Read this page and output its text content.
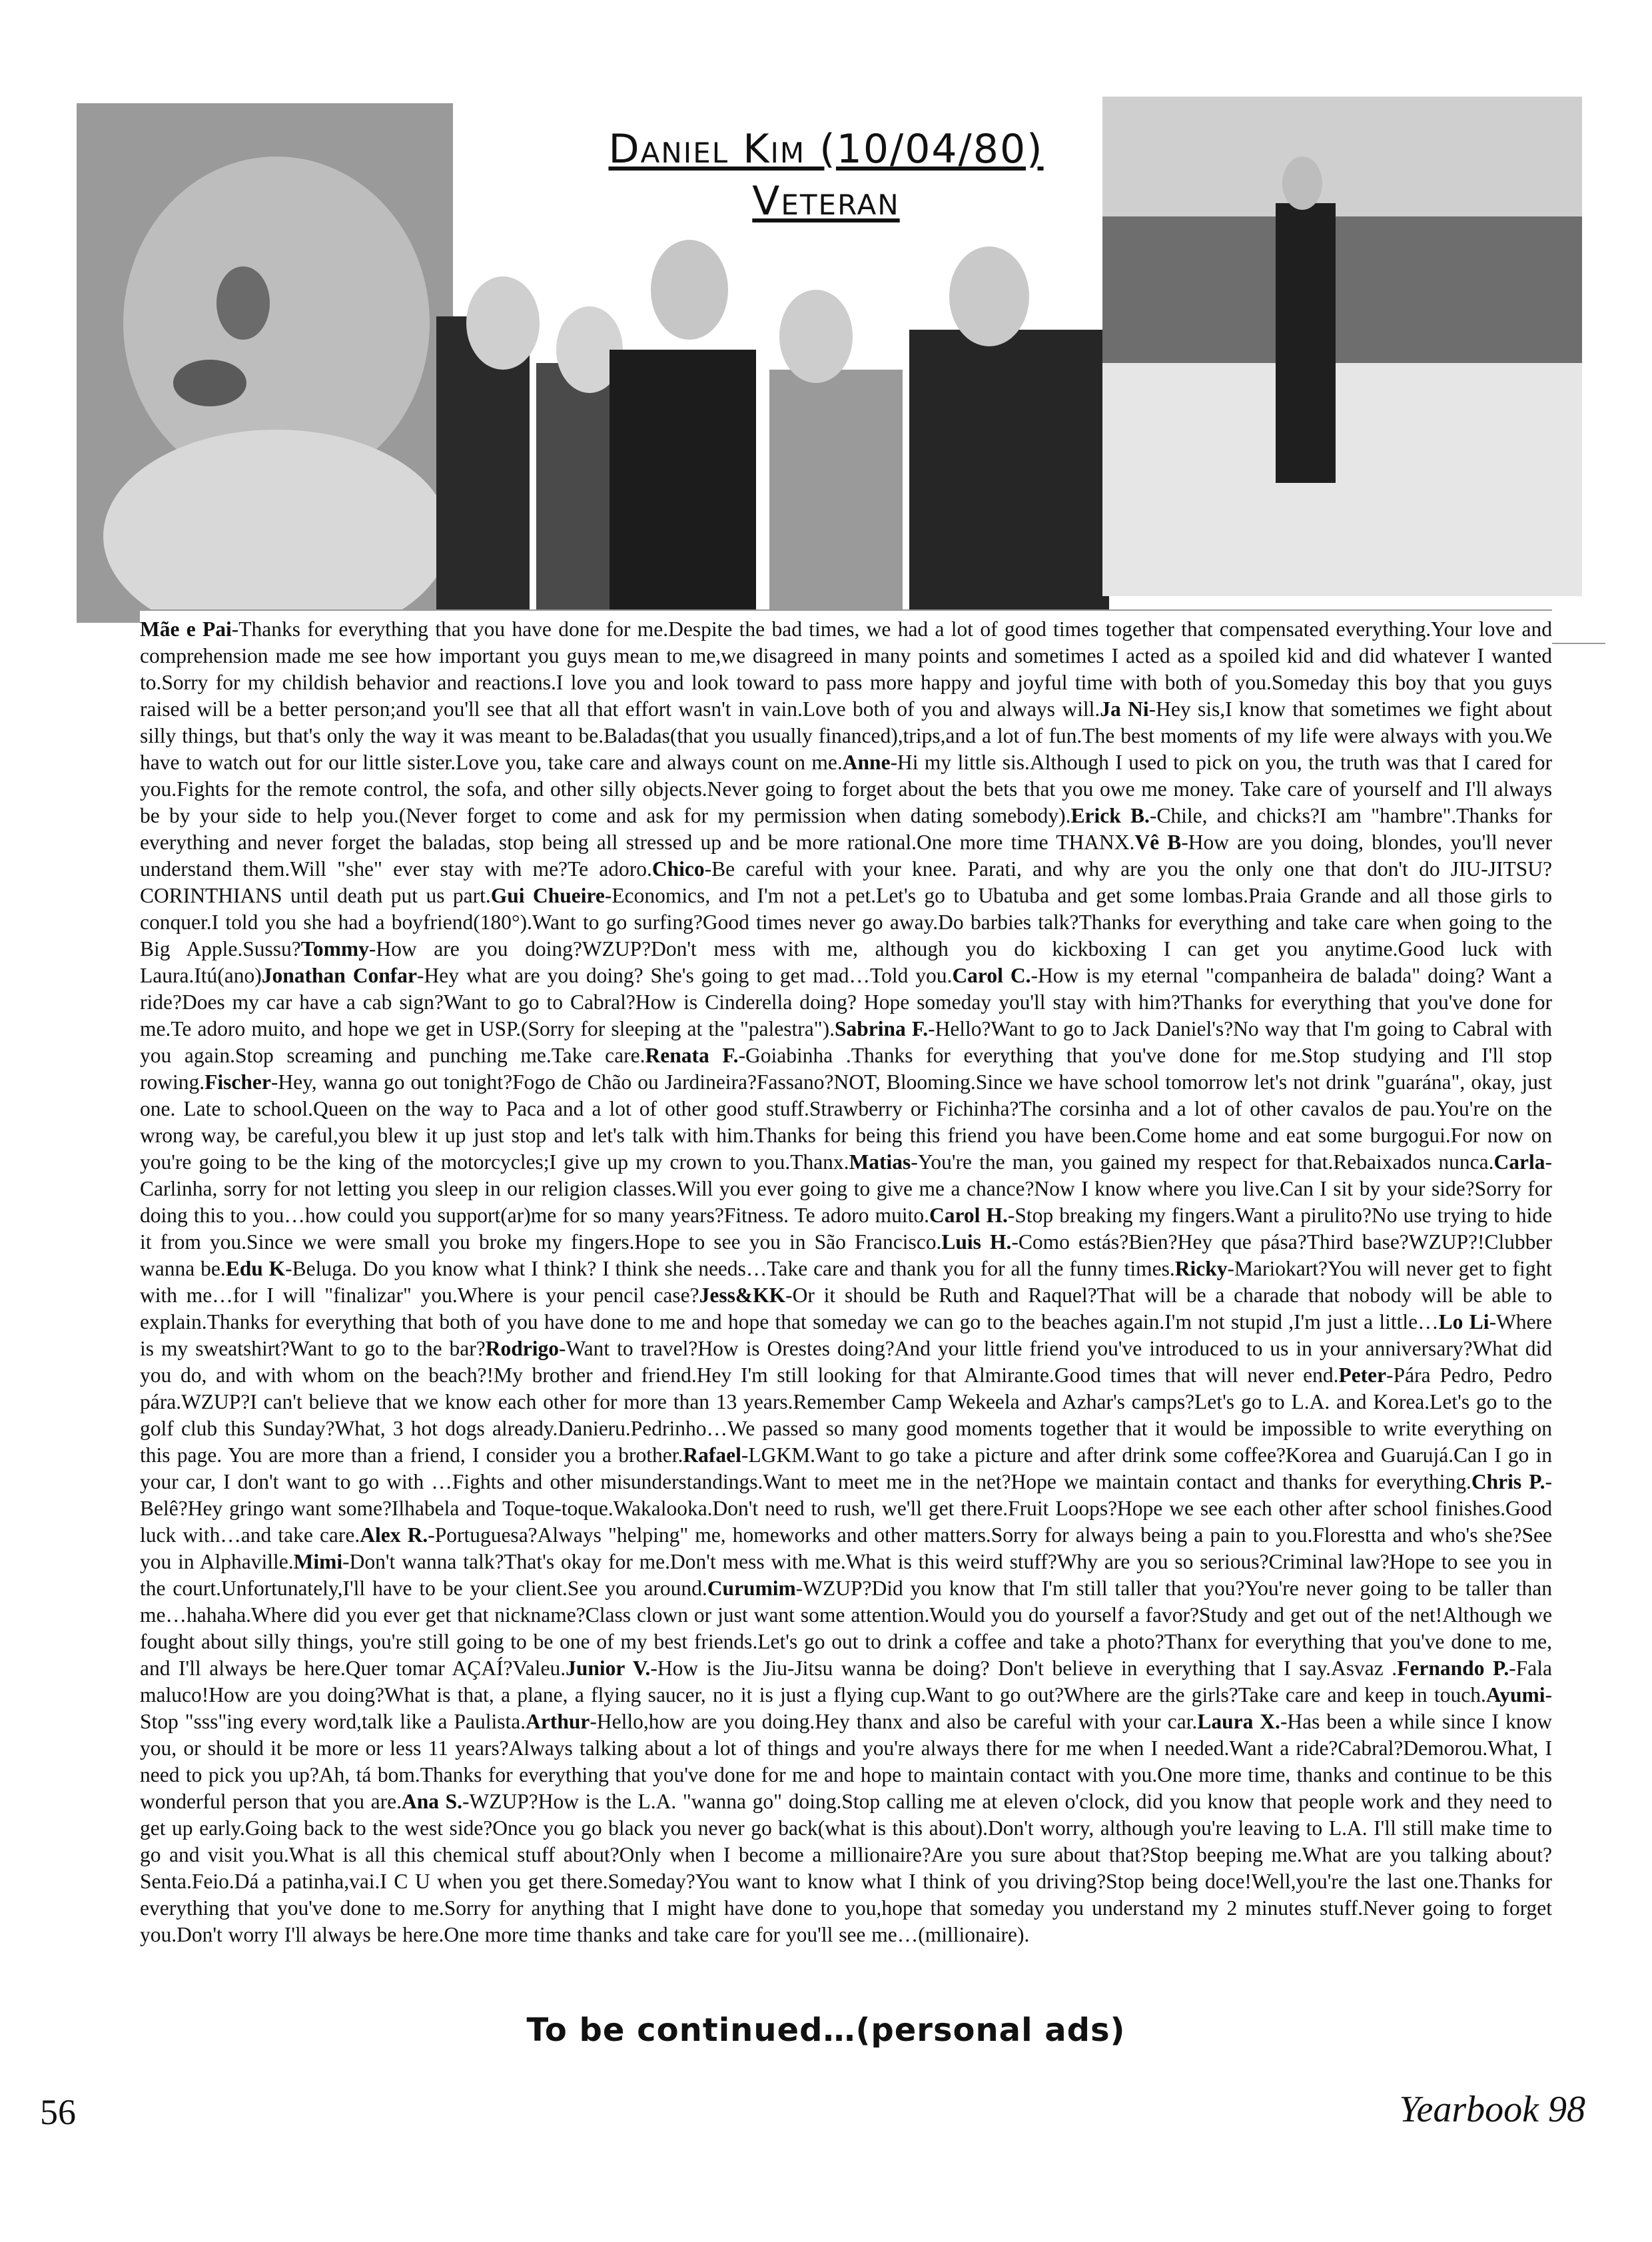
Daniel Kim (10/04/80)
Veteran

Mãe e Pai-Thanks for everything that you have done for me.Despite the bad times, we had a lot of good times together that compensated everything.Your love and comprehension made me see how important you guys mean to me,we disagreed in many points and sometimes I acted as a spoiled kid and did whatever I wanted to.Sorry for my childish behavior and reactions.I love you and look toward to pass more happy and joyful time with both of you.Someday this boy that you guys raised will be a better person;and you'll see that all that effort wasn't in vain.Love both of you and always will.Ja Ni-Hey sis,I know that sometimes we fight about silly things, but that's only the way it was meant to be.Baladas(that you usually financed),trips,and a lot of fun.The best moments of my life were always with you.We have to watch out for our little sister.Love you, take care and always count on me.Anne-Hi my little sis.Although I used to pick on you, the truth was that I cared for you.Fights for the remote control, the sofa, and other silly objects.Never going to forget about the bets that you owe me money. Take care of yourself and I'll always be by your side to help you.(Never forget to come and ask for my permission when dating somebody).Erick B.-Chile, and chicks?I am "hambre".Thanks for everything and never forget the baladas, stop being all stressed up and be more rational.One more time THANX.Vê B-How are you doing, blondes, you'll never understand them.Will "she" ever stay with me?Te adoro.Chico-Be careful with your knee. Parati, and why are you the only one that don't do JIU-JITSU?CORINTHIANS until death put us part.Gui Chueire-Economics, and I'm not a pet.Let's go to Ubatuba and get some lombas.Praia Grande and all those girls to conquer.I told you she had a boyfriend(180°).Want to go surfing?Good times never go away.Do barbies talk?Thanks for everything and take care when going to the Big Apple.Sussu?Tommy-How are you doing?WZUP?Don't mess with me, although you do kickboxing I can get you anytime.Good luck with Laura.Itú(ano)Jonathan Confar-Hey what are you doing? She's going to get mad…Told you.Carol C.-How is my eternal "companheira de balada" doing? Want a ride?Does my car have a cab sign?Want to go to Cabral?How is Cinderella doing? Hope someday you'll stay with him?Thanks for everything that you've done for me.Te adoro muito, and hope we get in USP.(Sorry for sleeping at the "palestra").Sabrina F.-Hello?Want to go to Jack Daniel's?No way that I'm going to Cabral with you again.Stop screaming and punching me.Take care.Renata F.-Goiabinha .Thanks for everything that you've done for me.Stop studying and I'll stop rowing.Fischer-Hey, wanna go out tonight?Fogo de Chão ou Jardineira?Fassano?NOT, Blooming.Since we have school tomorrow let's not drink "guarána", okay, just one. Late to school.Queen on the way to Paca and a lot of other good stuff.Strawberry or Fichinha?The corsinha and a lot of other cavalos de pau.You're on the wrong way, be careful,you blew it up just stop and let's talk with him.Thanks for being this friend you have been.Come home and eat some burgogui.For now on you're going to be the king of the motorcycles;I give up my crown to you.Thanx.Matias-You're the man, you gained my respect for that.Rebaixados nunca.Carla-Carlinha, sorry for not letting you sleep in our religion classes.Will you ever going to give me a chance?Now I know where you live.Can I sit by your side?Sorry for doing this to you…how could you support(ar)me for so many years?Fitness. Te adoro muito.Carol H.-Stop breaking my fingers.Want a pirulito?No use trying to hide it from you.Since we were small you broke my fingers.Hope to see you in São Francisco.Luis H.-Como estás?Bien?Hey que pása?Third base?WZUP?!Clubber wanna be.Edu K-Beluga. Do you know what I think? I think she needs…Take care and thank you for all the funny times.Ricky-Mariokart?You will never get to fight with me…for I will "finalizar" you.Where is your pencil case?Jess&KK-Or it should be Ruth and Raquel?That will be a charade that nobody will be able to explain.Thanks for everything that both of you have done to me and hope that someday we can go to the beaches again.I'm not stupid ,I'm just a little…Lo Li-Where is my sweatshirt?Want to go to the bar?Rodrigo-Want to travel?How is Orestes doing?And your little friend you've introduced to us in your anniversary?What did you do, and with whom on the beach?!My brother and friend.Hey I'm still looking for that Almirante.Good times that will never end.Peter-Pára Pedro, Pedro pára.WZUP?I can't believe that we know each other for more than 13 years.Remember Camp Wekeela and Azhar's camps?Let's go to L.A. and Korea.Let's go to the golf club this Sunday?What, 3 hot dogs already.Danieru.Pedrinho…We passed so many good moments together that it would be impossible to write everything on this page. You are more than a friend, I consider you a brother.Rafael-LGKM.Want to go take a picture and after drink some coffee?Korea and Guarujá.Can I go in your car, I don't want to go with …Fights and other misunderstandings.Want to meet me in the net?Hope we maintain contact and thanks for everything.Chris P.-Belê?Hey gringo want some?Ilhabela and Toque-toque.Wakalooka.Don't need to rush, we'll get there.Fruit Loops?Hope we see each other after school finishes.Good luck with…and take care.Alex R.-Portuguesa?Always "helping" me, homeworks and other matters.Sorry for always being a pain to you.Florestta and who's she?See you in Alphaville.Mimi-Don't wanna talk?That's okay for me.Don't mess with me.What is this weird stuff?Why are you so serious?Criminal law?Hope to see you in the court.Unfortunately,I'll have to be your client.See you around.Curumim-WZUP?Did you know that I'm still taller that you?You're never going to be taller than me…hahaha.Where did you ever get that nickname?Class clown or just want some attention.Would you do yourself a favor?Study and get out of the net!Although we fought about silly things, you're still going to be one of my best friends.Let's go out to drink a coffee and take a photo?Thanx for everything that you've done to me, and I'll always be here.Quer tomar AÇAÍ?Valeu.Junior V.-How is the Jiu-Jitsu wanna be doing? Don't believe in everything that I say.Asvaz .Fernando P.-Fala maluco!How are you doing?What is that, a plane, a flying saucer, no it is just a flying cup.Want to go out?Where are the girls?Take care and keep in touch.Ayumi-Stop "sss"ing every word,talk like a Paulista.Arthur-Hello,how are you doing.Hey thanx and also be careful with your car.Laura X.-Has been a while since I know you, or should it be more or less 11 years?Always talking about a lot of things and you're always there for me when I needed.Want a ride?Cabral?Demorou.What, I need to pick you up?Ah, tá bom.Thanks for everything that you've done for me and hope to maintain contact with you.One more time, thanks and continue to be this wonderful person that you are.Ana S.-WZUP?How is the L.A. "wanna go" doing.Stop calling me at eleven o'clock, did you know that people work and they need to get up early.Going back to the west side?Once you go black you never go back(what is this about).Don't worry, although you're leaving to L.A. I'll still make time to go and visit you.What is all this chemical stuff about?Only when I become a millionaire?Are you sure about that?Stop beeping me.What are you talking about?Senta.Feio.Dá a patinha,vai.I C U when you get there.Someday?You want to know what I think of you driving?Stop being doce!Well,you're the last one.Thanks for everything that you've done to me.Sorry for anything that I might have done to you,hope that someday you understand my 2 minutes stuff.Never going to forget you.Don't worry I'll always be here.One more time thanks and take care for you'll see me…(millionaire).

To be continued…(personal ads)
56	Yearbook 98
